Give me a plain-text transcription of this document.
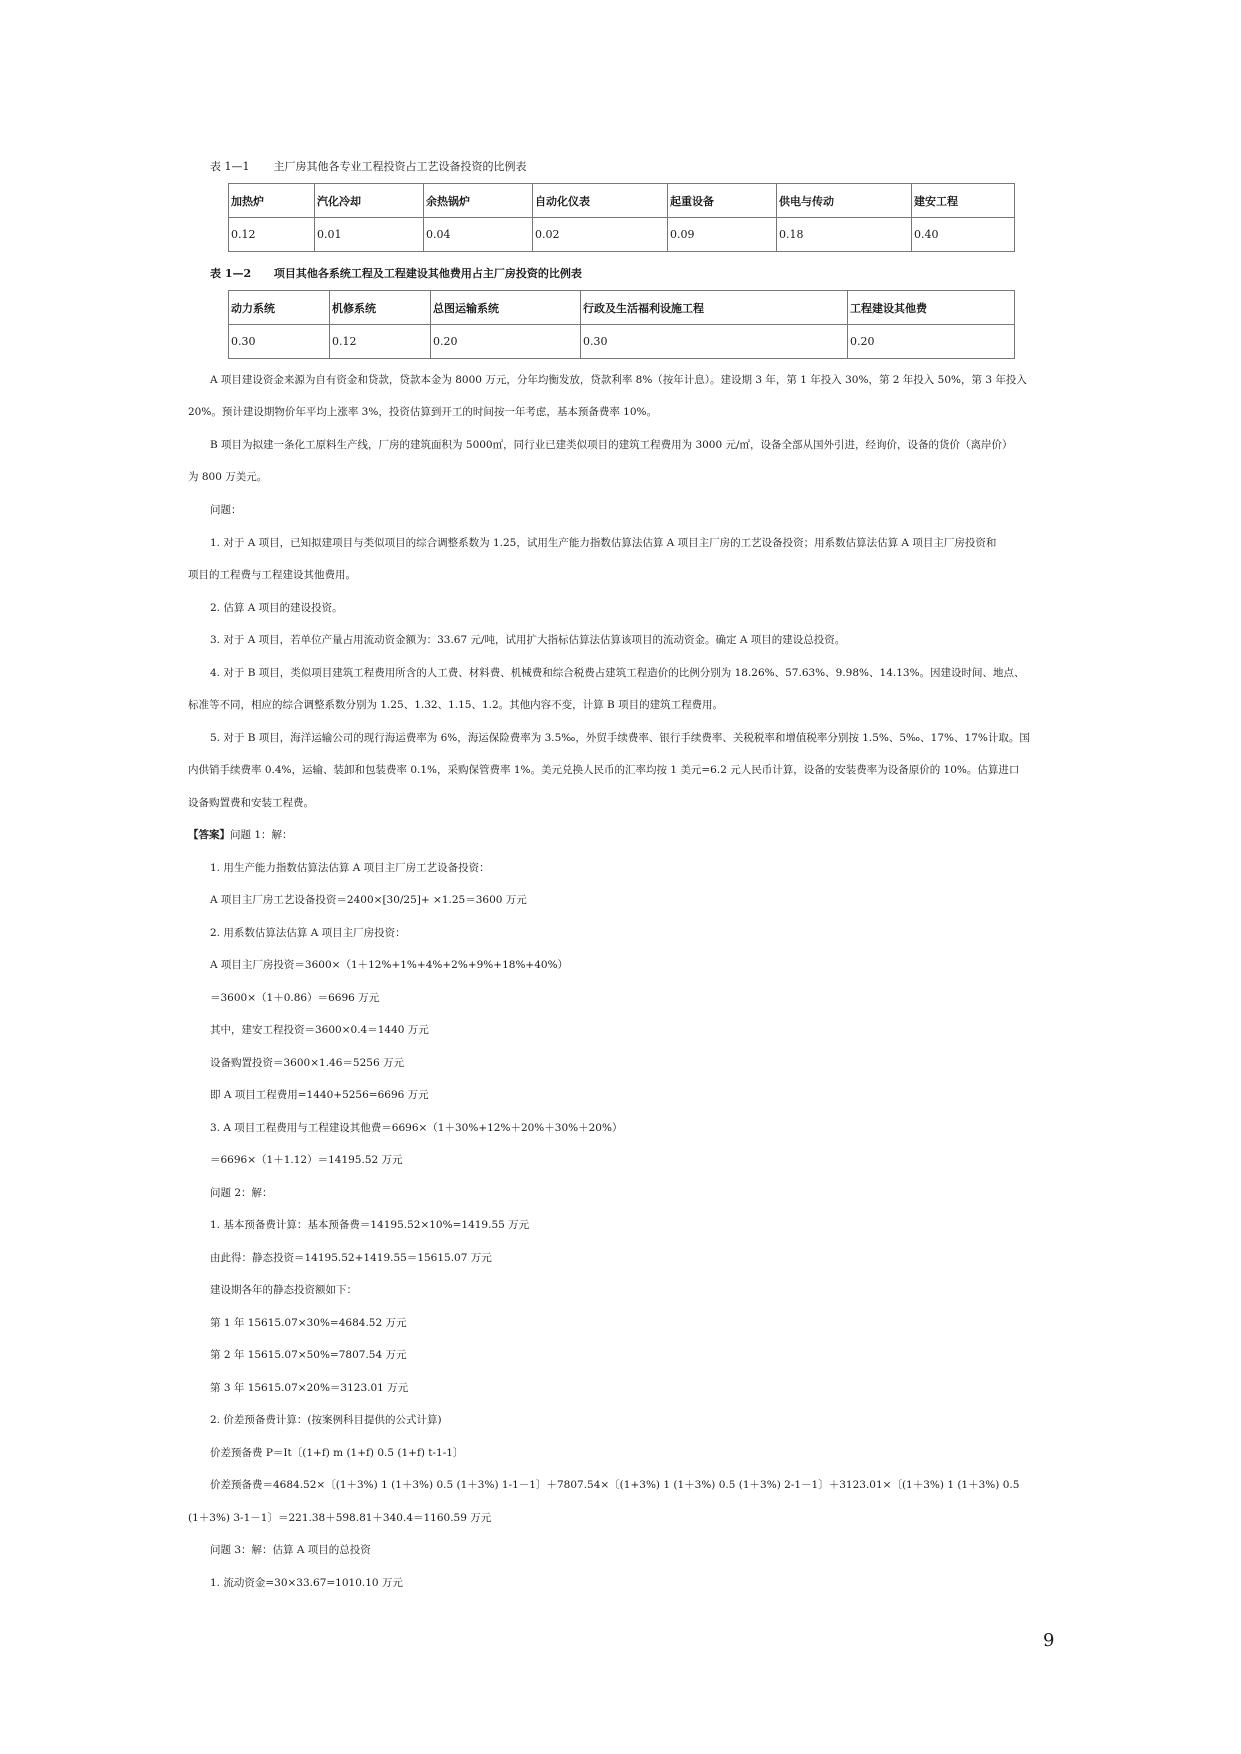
表 1—1 主厂房其他各专业工程投资占工艺设备投资的比例表
加热炉	汽化冷却	余热锅炉	自动化仪表	起重设备	供电与传动	建安工程
0.12	0.01	0.04	0.02	0.09	0.18	0.40
表 1—2 项目其他各系统工程及工程建设其他费用占主厂房投资的比例表
动力系统	机修系统	总图运输系统	行政及生活福利设施工程	工程建设其他费
0.30	0.12	0.20	0.30	0.20
A 项目建设资金来源为自有资金和贷款，贷款本金为 8000 万元，分年均衡发放，贷款利率 8%（按年计息）。建设期 3 年，第 1 年投入 30%，第 2 年投入 50%，第 3 年投入
20%。预计建设期物价年平均上涨率 3%，投资估算到开工的时间按一年考虑，基本预备费率 10%。
B 项目为拟建一条化工原料生产线，厂房的建筑面积为 5000㎡，同行业已建类似项目的建筑工程费用为 3000 元/㎡，设备全部从国外引进，经询价，设备的货价（离岸价）
为 800 万美元。
问题：
1. 对于 A 项目，已知拟建项目与类似项目的综合调整系数为 1.25，试用生产能力指数估算法估算 A 项目主厂房的工艺设备投资；用系数估算法估算 A 项目主厂房投资和
项目的工程费与工程建设其他费用。
2. 估算 A 项目的建设投资。
3. 对于 A 项目，若单位产量占用流动资金额为：33.67 元/吨，试用扩大指标估算法估算该项目的流动资金。确定 A 项目的建设总投资。
4. 对于 B 项目，类似项目建筑工程费用所含的人工费、材料费、机械费和综合税费占建筑工程造价的比例分别为 18.26%、57.63%、9.98%、14.13%。因建设时间、地点、
标准等不同，相应的综合调整系数分别为 1.25、1.32、1.15、1.2。其他内容不变，计算 B 项目的建筑工程费用。
5. 对于 B 项目，海洋运输公司的现行海运费率为 6%，海运保险费率为 3.5‰，外贸手续费率、银行手续费率、关税税率和增值税率分别按 1.5%、5‰、17%、17%计取。国
内供销手续费率 0.4%，运输、装卸和包装费率 0.1%，采购保管费率 1%。美元兑换人民币的汇率均按 1 美元=6.2 元人民币计算，设备的安装费率为设备原价的 10%。估算进口
设备购置费和安装工程费。
【答案】问题 1：解：
1. 用生产能力指数估算法估算 A 项目主厂房工艺设备投资：
A 项目主厂房工艺设备投资＝2400×[30/25]+ ×1.25＝3600 万元
2. 用系数估算法估算 A 项目主厂房投资：
A 项目主厂房投资＝3600×（1＋12%+1%+4%+2%+9%+18%+40%）
＝3600×（1＋0.86）＝6696 万元
其中，建安工程投资＝3600×0.4＝1440 万元
设备购置投资＝3600×1.46＝5256 万元
即 A 项目工程费用=1440+5256=6696 万元
3. A 项目工程费用与工程建设其他费＝6696×（1＋30%+12%＋20%＋30%＋20%）
＝6696×（1＋1.12）＝14195.52 万元
问题 2：解：
1. 基本预备费计算：基本预备费＝14195.52×10%=1419.55 万元
由此得：静态投资＝14195.52+1419.55＝15615.07 万元
建设期各年的静态投资额如下：
第 1 年 15615.07×30%=4684.52 万元
第 2 年 15615.07×50%=7807.54 万元
第 3 年 15615.07×20%＝3123.01 万元
2. 价差预备费计算：(按案例科目提供的公式计算)
价差预备费 P＝It〔(1+f) m (1+f) 0.5 (1+f) t-1-1〕
价差预备费＝4684.52×〔(1＋3%) 1 (1＋3%) 0.5 (1＋3%) 1-1－1〕＋7807.54×〔(1+3%) 1 (1＋3%) 0.5 (1＋3%) 2-1－1〕＋3123.01×〔(1＋3%) 1 (1＋3%) 0.5
(1＋3%) 3-1－1〕＝221.38＋598.81＋340.4＝1160.59 万元
问题 3：解：估算 A 项目的总投资
1. 流动资金=30×33.67=1010.10 万元
9
